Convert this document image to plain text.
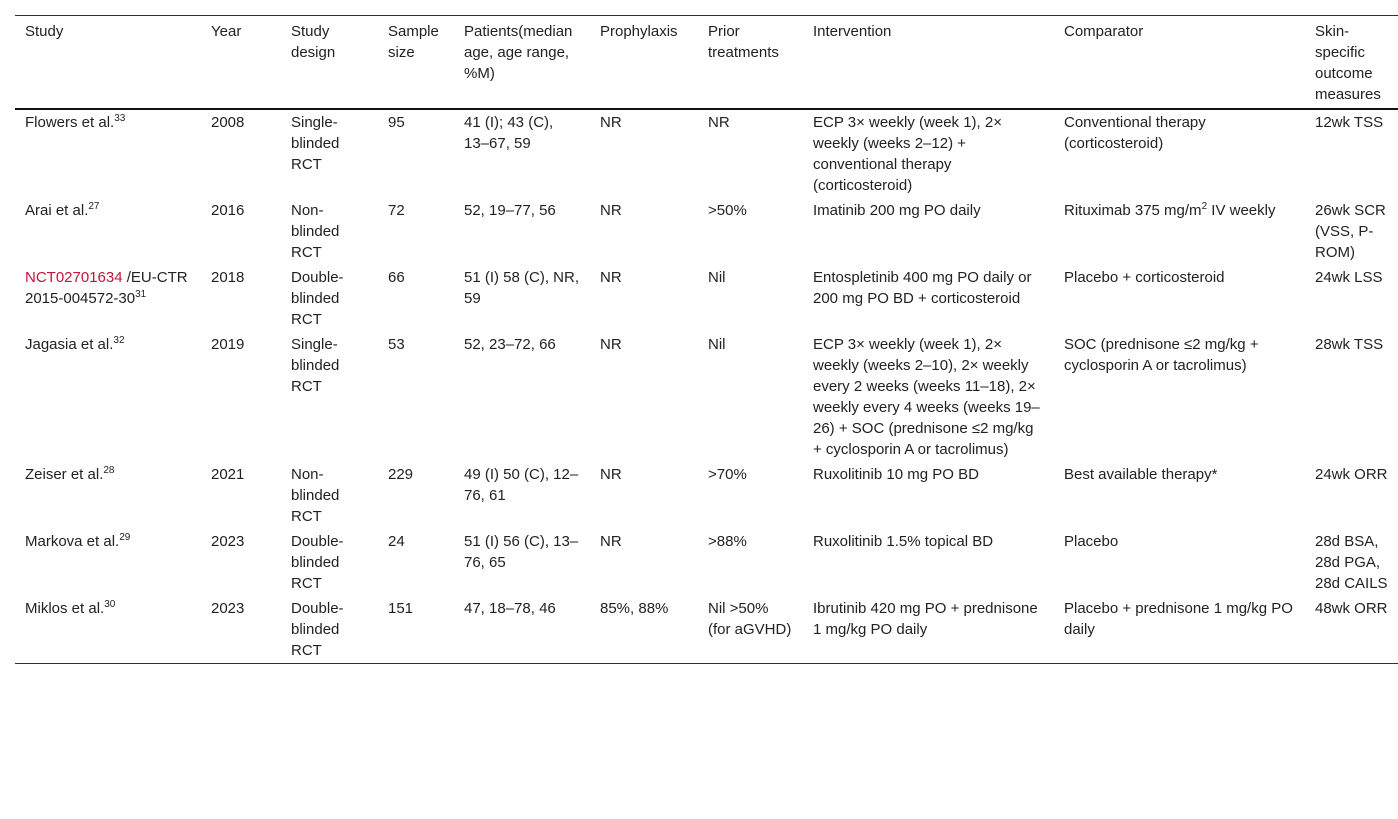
Study	Year	Study design	Sample size	Patients(median age, age range, %M)	Prophylaxis	Prior treatments	Intervention	Comparator	Skin-specific outcome measures
Flowers et al.$^{33}$	2008	Single-blinded RCT	95	41 (I); 43 (C), 13–67, 59	NR	NR	ECP 3× weekly (week 1), 2× weekly (weeks 2–12) + conventional therapy (corticosteroid)	Conventional therapy (corticosteroid)	12wk TSS
Arai et al.$^{27}$	2016	Non-blinded RCT	72	52, 19–77, 56	NR	>50%	Imatinib 200 mg PO daily	Rituximab 375 $mg/m^2$ IV weekly	26wk SCR (VSS, P-ROM)
NCT02701634 /EU-CTR $2015-004572-30^{31}$	2018	Double-blinded RCT	66	51 (I) 58 (C), NR, 59	NR	Nil	Entospletinib 400 mg PO daily or 200 mg PO BD + corticosteroid	Placebo + corticosteroid	24wk LSS
Jagasia et al.$^{32}$	2019	Single-blinded RCT	53	52, 23–72, 66	NR	Nil	ECP 3× weekly (week 1), 2× weekly (weeks 2–10), 2× weekly every 2 weeks (weeks 11–18), 2× weekly every 4 weeks (weeks 19–26) + SOC (prednisone ≤2 mg/kg + cyclosporin A or tacrolimus)	SOC (prednisone ≤2 mg/kg + cyclosporin A or tacrolimus)	28wk TSS
Zeiser et al.$^{28}$	2021	Non-blinded RCT	229	49 (I) 50 (C), 12–76, 61	NR	>70%	Ruxolitinib 10 mg PO BD	Best available therapy*	24wk ORR
Markova et al.$^{29}$	2023	Double-blinded RCT	24	51 (I) 56 (C), 13–76, 65	NR	>88%	Ruxolitinib 1.5% topical BD	Placebo	28d BSA, 28d PGA, 28d CAILS
Miklos et al.$^{30}$	2023	Double-blinded RCT	151	47, 18–78, 46	85%, 88%	Nil >50% (for aGVHD)	Ibrutinib 420 mg PO + prednisone 1 mg/kg PO daily	Placebo + prednisone 1 mg/kg PO daily	48wk ORR
